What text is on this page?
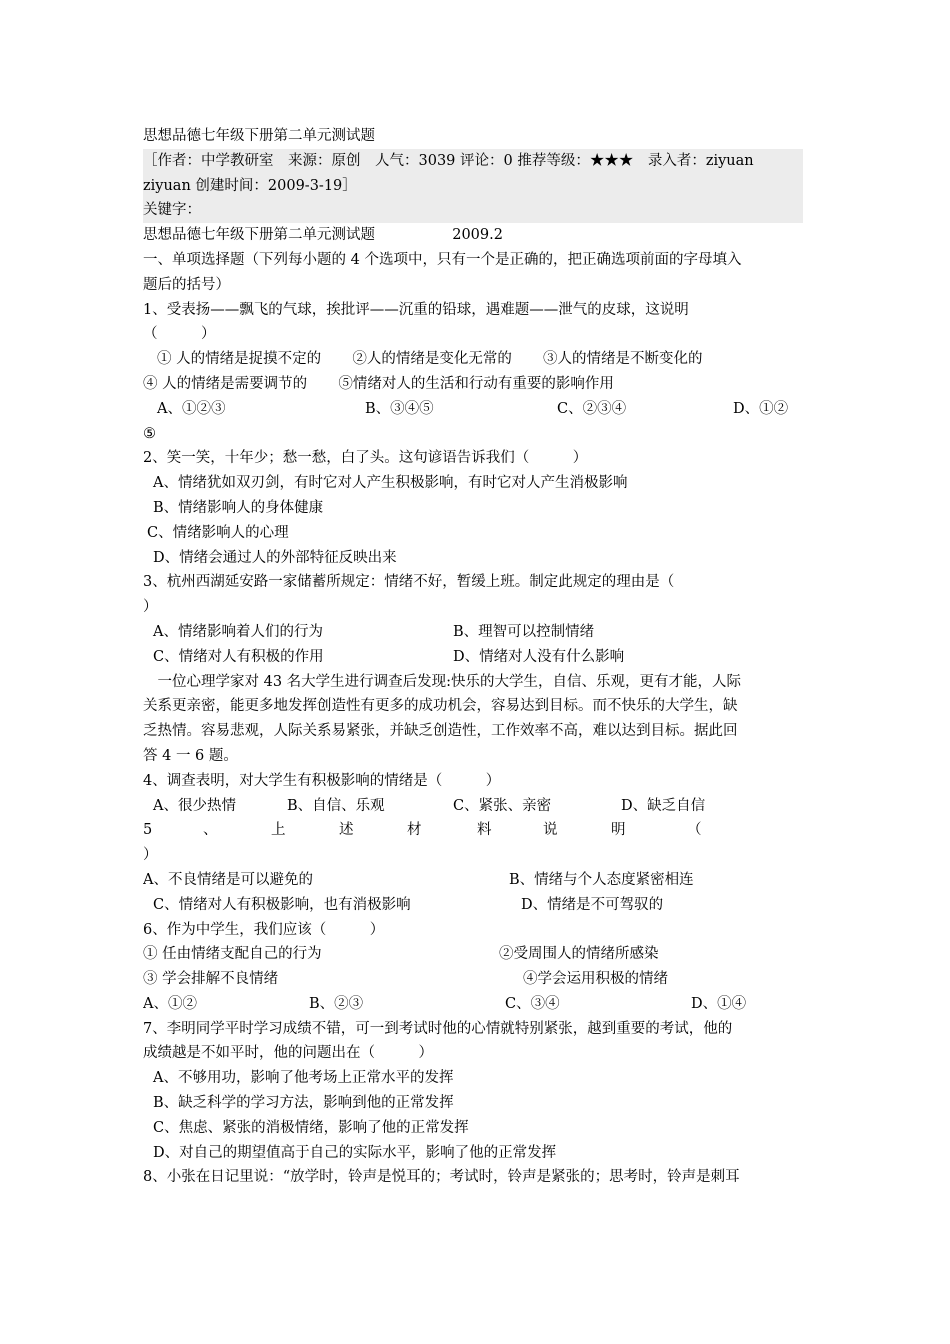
思想品德七年级下册第二单元测试题
［作者：中学教研室　来源：原创　人气：3039 评论：0 推荐等级：★★★　录入者：ziyuan
ziyuan 创建时间：2009-3-19］
关键字：
思想品德七年级下册第二单元测试题	2009.2
一、单项选择题（下列每小题的 4 个选项中，只有一个是正确的，把正确选项前面的字母填入
题后的括号）
1、受表扬——飘飞的气球，挨批评——沉重的铅球，遇难题——泄气的皮球，这说明
（　　　）
① 人的情绪是捉摸不定的 ②人的情绪是变化无常的 ③人的情绪是不断变化的
④ 人的情绪是需要调节的 ⑤情绪对人的生活和行动有重要的影响作用
A、①②③	B、③④⑤	C、②③④	D、①②
⑤
2、笑一笑，十年少；愁一愁，白了头。这句谚语告诉我们（　　　）
A、情绪犹如双刃剑，有时它对人产生积极影响，有时它对人产生消极影响
B、情绪影响人的身体健康
C、情绪影响人的心理
D、情绪会通过人的外部特征反映出来
3、杭州西湖延安路一家储蓄所规定：情绪不好，暂缓上班。制定此规定的理由是（
）
A、情绪影响着人们的行为	B、理智可以控制情绪
C、情绪对人有积极的作用	D、情绪对人没有什么影响
　一位心理学家对 43 名大学生进行调查后发现:快乐的大学生，自信、乐观，更有才能，人际
关系更亲密，能更多地发挥创造性有更多的成功机会，容易达到目标。而不快乐的大学生，缺
乏热情。容易悲观，人际关系易紧张，并缺乏创造性，工作效率不高，难以达到目标。据此回
答 4 一 6 题。
4、调查表明，对大学生有积极影响的情绪是（　　　）
A、很少热情	B、自信、乐观	C、紧张、亲密	D、缺乏自信
5	、	上	述	材	料	说	明	（
）
A、不良情绪是可以避免的	B、情绪与个人态度紧密相连
C、情绪对人有积极影响，也有消极影响	D、情绪是不可驾驭的
6、作为中学生，我们应该（　　　）
① 任由情绪支配自己的行为	②受周围人的情绪所感染
③ 学会排解不良情绪	④学会运用积极的情绪
A、①②	B、②③	C、③④	D、①④
7、李明同学平时学习成绩不错，可一到考试时他的心情就特别紧张，越到重要的考试，他的
成绩越是不如平时，他的问题出在（　　　）
A、不够用功，影响了他考场上正常水平的发挥
B、缺乏科学的学习方法，影响到他的正常发挥
C、焦虑、紧张的消极情绪，影响了他的正常发挥
D、对自己的期望值高于自己的实际水平，影响了他的正常发挥
8、小张在日记里说：“放学时，铃声是悦耳的；考试时，铃声是紧张的；思考时，铃声是刺耳
